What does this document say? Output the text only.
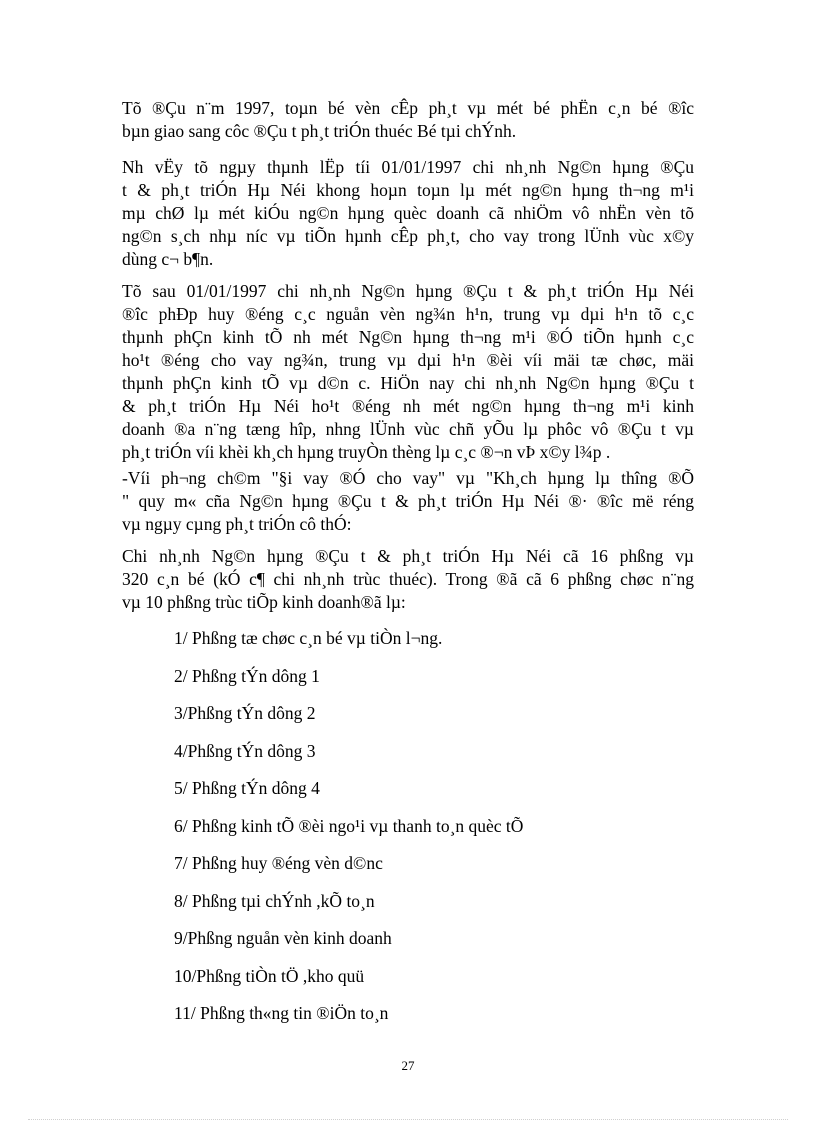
Tõ ®Çu n¨m 1997, toµn bé vèn cÊp ph¸t vµ mét bé phËn c¸n bé ®îc
bµn giao sang côc ®Çu t ph¸t triÓn thuéc Bé tµi chÝnh.
Nh vËy tõ ngµy thµnh lËp tíi 01/01/1997 chi nh¸nh Ng©n hµng ®Çu
t & ph¸t triÓn Hµ Néi khong hoµn toµn lµ mét ng©n hµng th¬ng m¹i
mµ chØ lµ mét kiÓu ng©n hµng quèc doanh cã nhiÖm vô nhËn vèn tõ
ng©n s¸ch nhµ níc vµ tiÕn hµnh cÊp ph¸t, cho vay trong lÜnh vùc x©y
dùng c¬ b¶n.
Tõ sau 01/01/1997 chi nh¸nh Ng©n hµng ®Çu t & ph¸t triÓn Hµ Néi
®îc phÐp huy ®éng c¸c nguån vèn ng¾n h¹n, trung vµ dµi h¹n tõ c¸c
thµnh phÇn kinh tÕ nh mét Ng©n hµng th¬ng m¹i ®Ó tiÕn hµnh c¸c
ho¹t ®éng cho vay ng¾n, trung vµ dµi h¹n ®èi víi mäi tæ chøc, mäi
thµnh phÇn kinh tÕ vµ d©n c. HiÖn nay chi nh¸nh Ng©n hµng ®Çu t
& ph¸t triÓn Hµ Néi ho¹t ®éng nh mét ng©n hµng th¬ng m¹i kinh
doanh ®a n¨ng tæng hîp, nhng lÜnh vùc chñ yÕu lµ phôc vô ®Çu t vµ
ph¸t triÓn víi khèi kh¸ch hµng truyÒn thèng lµ c¸c ®¬n vÞ x©y l¾p .
-Víi ph¬ng ch©m "§i vay ®Ó cho vay" vµ "Kh¸ch hµng lµ thîng ®Õ
" quy m« cña Ng©n hµng ®Çu t & ph¸t triÓn Hµ Néi ®· ®îc më réng
vµ ngµy cµng ph¸t triÓn cô thÓ:
Chi nh¸nh Ng©n hµng ®Çu t & ph¸t triÓn Hµ Néi cã 16 phßng vµ
320 c¸n bé (kÓ c¶ chi nh¸nh trùc thuéc). Trong ®ã cã 6 phßng chøc n¨ng
vµ 10 phßng trùc tiÕp kinh doanh®ã lµ:
1/ Phßng tæ chøc c¸n bé vµ tiÒn l¬ng.
2/ Phßng tÝn dông 1
3/Phßng tÝn dông 2
4/Phßng tÝn dông 3
5/ Phßng tÝn dông 4
6/ Phßng kinh tÕ ®èi ngo¹i vµ thanh to¸n quèc tÕ
7/ Phßng huy ®éng vèn d©nc
8/ Phßng tµi chÝnh ,kÕ to¸n
9/Phßng nguån vèn kinh doanh
10/Phßng tiÒn tÖ ,kho quü
11/ Phßng th«ng tin ®iÖn to¸n
27
